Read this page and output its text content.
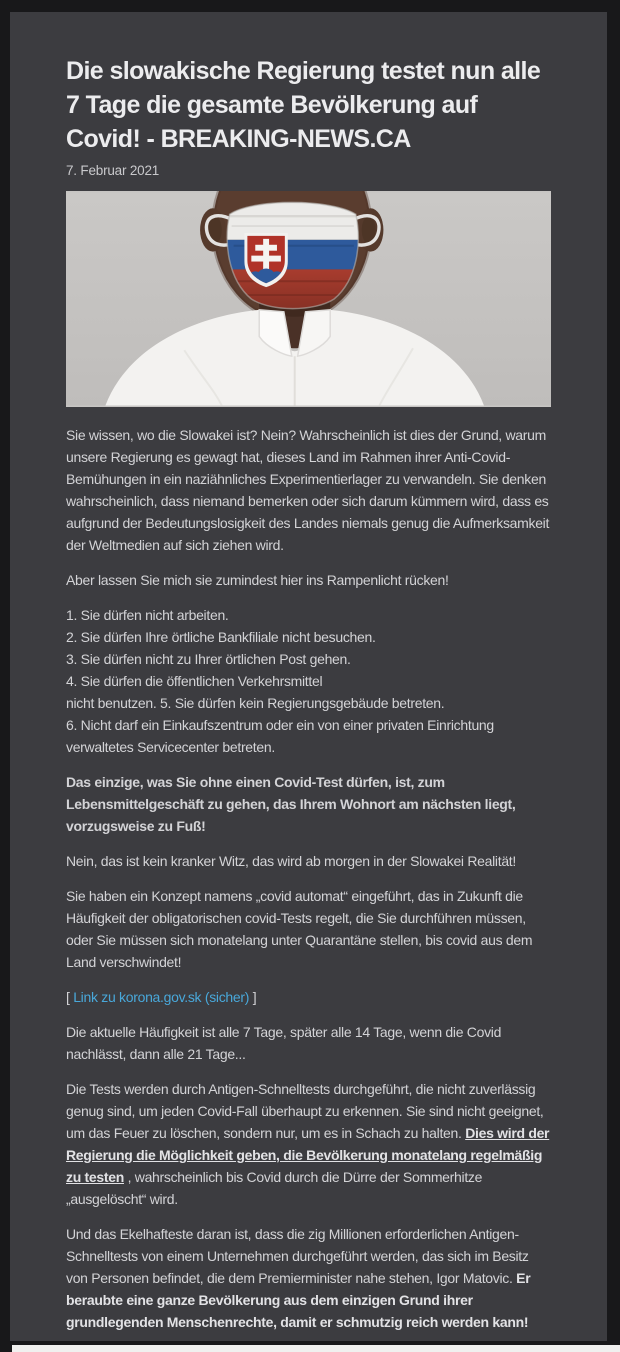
Die slowakische Regierung testet nun alle 7 Tage die gesamte Bevölkerung auf Covid! - BREAKING-NEWS.CA
7. Februar 2021

Sie wissen, wo die Slowakei ist? Nein? Wahrscheinlich ist dies der Grund, warum unsere Regierung es gewagt hat, dieses Land im Rahmen ihrer Anti-Covid-Bemühungen in ein naziähnliches Experimentierlager zu verwandeln. Sie denken wahrscheinlich, dass niemand bemerken oder sich darum kümmern wird, dass es aufgrund der Bedeutungslosigkeit des Landes niemals genug die Aufmerksamkeit der Weltmedien auf sich ziehen wird.

Aber lassen Sie mich sie zumindest hier ins Rampenlicht rücken!

1. Sie dürfen nicht arbeiten.
2. Sie dürfen Ihre örtliche Bankfiliale nicht besuchen.
3. Sie dürfen nicht zu Ihrer örtlichen Post gehen.
4. Sie dürfen die öffentlichen Verkehrsmittel
nicht benutzen. 5. Sie dürfen kein Regierungsgebäude betreten.
6. Nicht darf ein Einkaufszentrum oder ein von einer privaten Einrichtung verwaltetes Servicecenter betreten.

Das einzige, was Sie ohne einen Covid-Test dürfen, ist, zum Lebensmittelgeschäft zu gehen, das Ihrem Wohnort am nächsten liegt, vorzugsweise zu Fuß!

Nein, das ist kein kranker Witz, das wird ab morgen in der Slowakei Realität!

Sie haben ein Konzept namens „covid automat“ eingeführt, das in Zukunft die Häufigkeit der obligatorischen covid-Tests regelt, die Sie durchführen müssen, oder Sie müssen sich monatelang unter Quarantäne stellen, bis covid aus dem Land verschwindet!

[ Link zu korona.gov.sk (sicher) ]

Die aktuelle Häufigkeit ist alle 7 Tage, später alle 14 Tage, wenn die Covid nachlässt, dann alle 21 Tage...

Die Tests werden durch Antigen-Schnelltests durchgeführt, die nicht zuverlässig genug sind, um jeden Covid-Fall überhaupt zu erkennen. Sie sind nicht geeignet, um das Feuer zu löschen, sondern nur, um es in Schach zu halten. Dies wird der Regierung die Möglichkeit geben, die Bevölkerung monatelang regelmäßig zu testen , wahrscheinlich bis Covid durch die Dürre der Sommerhitze „ausgelöscht“ wird.

Und das Ekelhafteste daran ist, dass die zig Millionen erforderlichen Antigen-Schnelltests von einem Unternehmen durchgeführt werden, das sich im Besitz von Personen befindet, die dem Premierminister nahe stehen, Igor Matovic. Er beraubte eine ganze Bevölkerung aus dem einzigen Grund ihrer grundlegenden Menschenrechte, damit er schmutzig reich werden kann!
